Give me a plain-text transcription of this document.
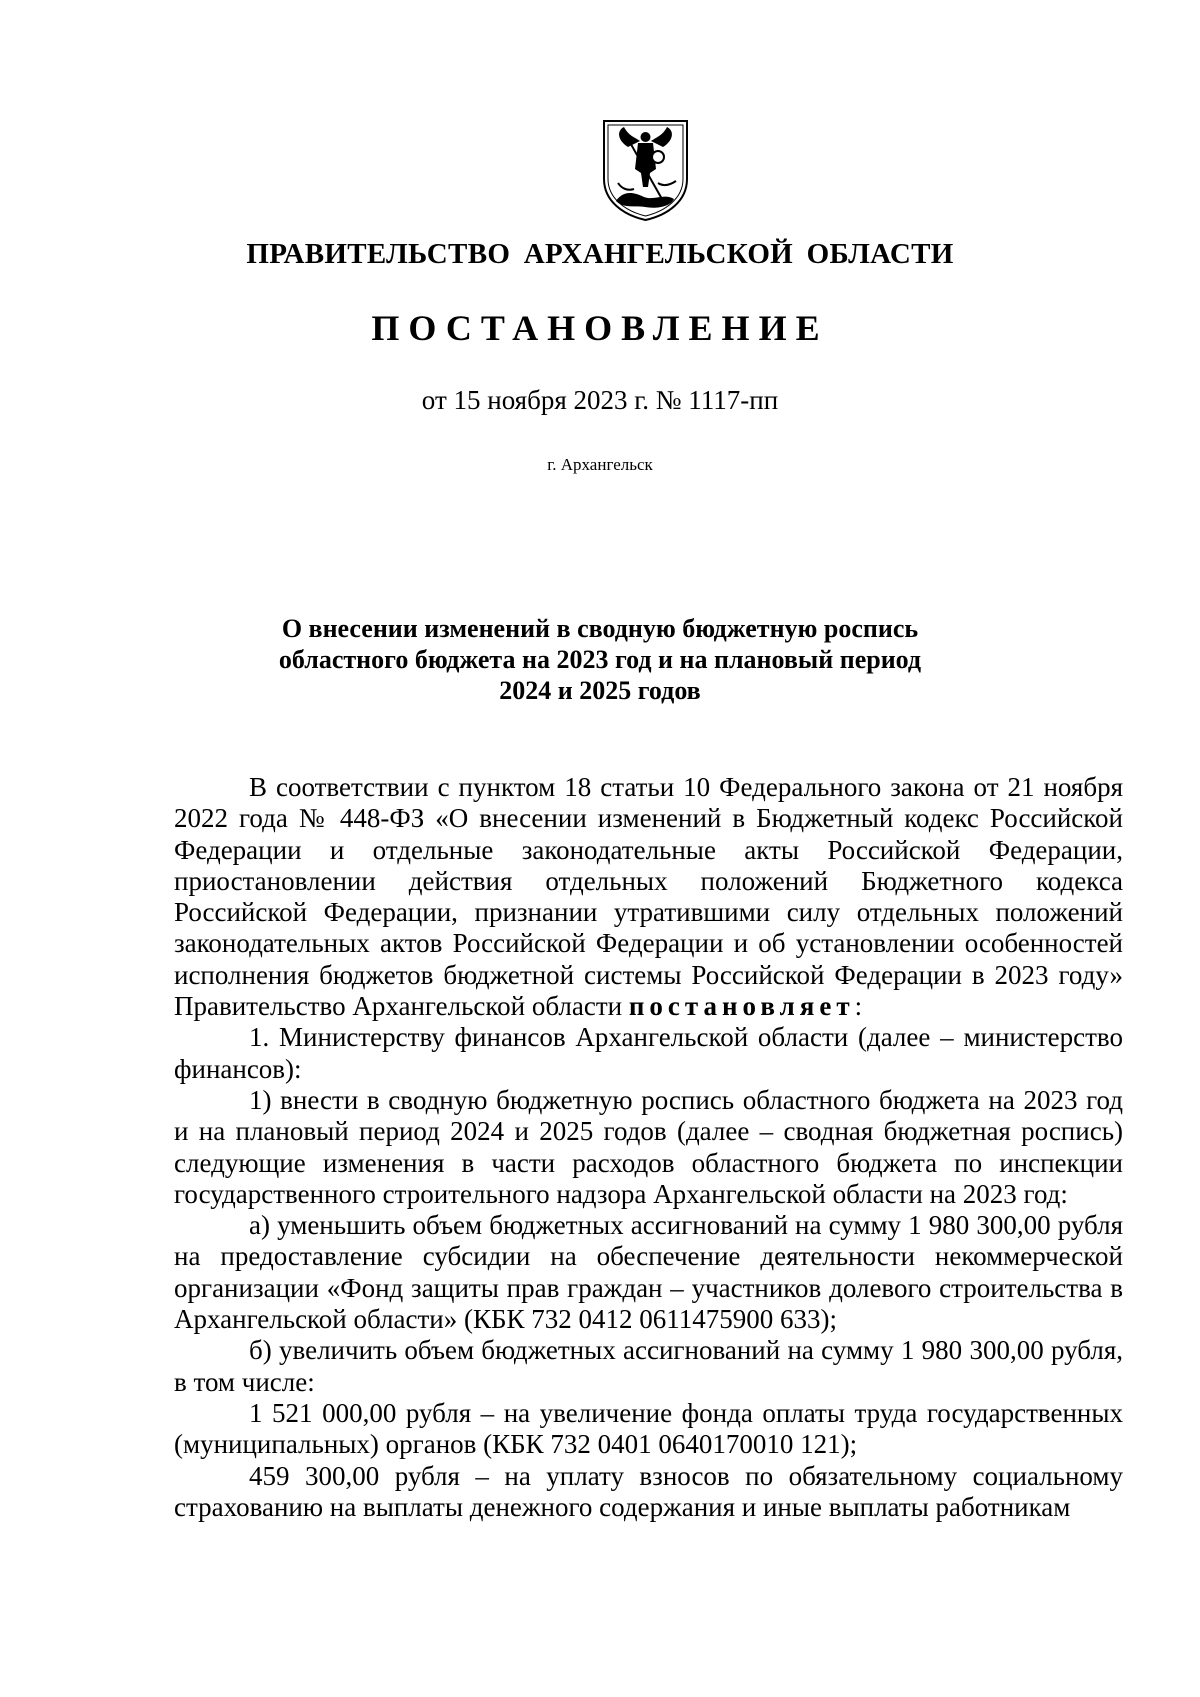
ПРАВИТЕЛЬСТВО АРХАНГЕЛЬСКОЙ ОБЛАСТИ
ПОСТАНОВЛЕНИЕ
от 15 ноября 2023 г. № 1117-пп
г. Архангельск
О внесении изменений в сводную бюджетную роспись
областного бюджета на 2023 год и на плановый период
2024 и 2025 годов

В соответствии с пунктом 18 статьи 10 Федерального закона от 21 ноября 2022 года № 448-ФЗ «О внесении изменений в Бюджетный кодекс Российской Федерации и отдельные законодательные акты Российской Федерации, приостановлении действия отдельных положений Бюджетного кодекса Российской Федерации, признании утратившими силу отдельных положений законодательных актов Российской Федерации и об установлении особенностей исполнения бюджетов бюджетной системы Российской Федерации в 2023 году» Правительство Архангельской области постановляет:

1. Министерству финансов Архангельской области (далее – министерство финансов):

1) внести в сводную бюджетную роспись областного бюджета на 2023 год и на плановый период 2024 и 2025 годов (далее – сводная бюджетная роспись) следующие изменения в части расходов областного бюджета по инспекции государственного строительного надзора Архангельской области на 2023 год:

а) уменьшить объем бюджетных ассигнований на сумму 1 980 300,00 рубля на предоставление субсидии на обеспечение деятельности некоммерческой организации «Фонд защиты прав граждан – участников долевого строительства в Архангельской области» (КБК 732 0412 0611475900 633);

б) увеличить объем бюджетных ассигнований на сумму 1 980 300,00 рубля, в том числе:

1 521 000,00 рубля – на увеличение фонда оплаты труда государственных (муниципальных) органов (КБК 732 0401 0640170010 121);

459 300,00 рубля – на уплату взносов по обязательному социальному страхованию на выплаты денежного содержания и иные выплаты работникам
